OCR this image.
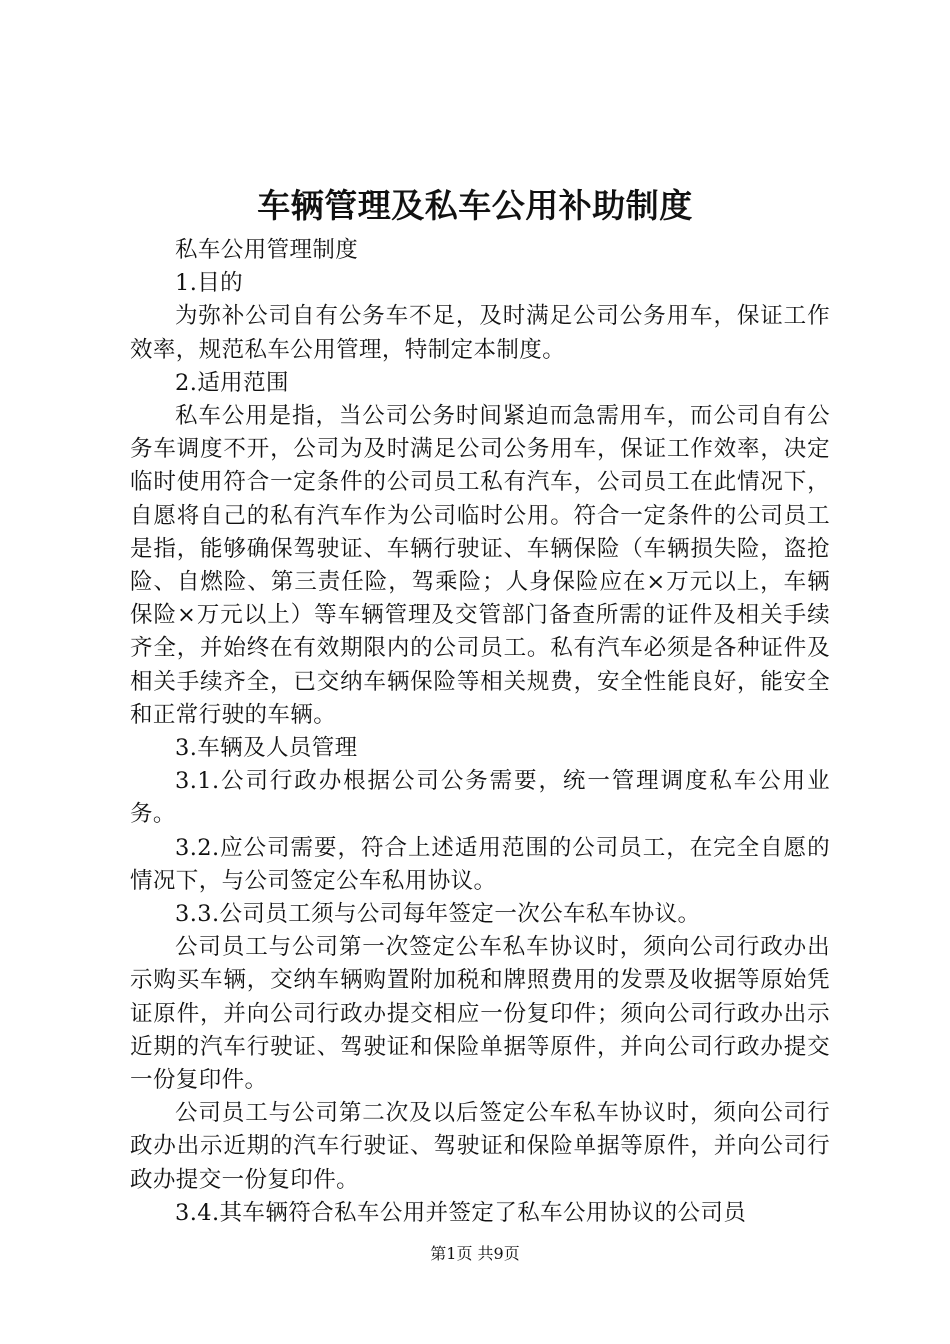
车辆管理及私车公用补助制度

私车公用管理制度

1.目的

为弥补公司自有公务车不足，及时满足公司公务用车，保证工作效率，规范私车公用管理，特制定本制度。

2.适用范围

私车公用是指，当公司公务时间紧迫而急需用车，而公司自有公务车调度不开，公司为及时满足公司公务用车，保证工作效率，决定临时使用符合一定条件的公司员工私有汽车，公司员工在此情况下，自愿将自己的私有汽车作为公司临时公用。符合一定条件的公司员工是指，能够确保驾驶证、车辆行驶证、车辆保险（车辆损失险，盗抢险、自燃险、第三责任险，驾乘险；人身保险应在×万元以上，车辆保险×万元以上）等车辆管理及交管部门备查所需的证件及相关手续齐全，并始终在有效期限内的公司员工。私有汽车必须是各种证件及相关手续齐全，已交纳车辆保险等相关规费，安全性能良好，能安全和正常行驶的车辆。

3.车辆及人员管理

3.1.公司行政办根据公司公务需要，统一管理调度私车公用业务。

3.2.应公司需要，符合上述适用范围的公司员工，在完全自愿的情况下，与公司签定公车私用协议。

3.3.公司员工须与公司每年签定一次公车私车协议。

公司员工与公司第一次签定公车私车协议时，须向公司行政办出示购买车辆，交纳车辆购置附加税和牌照费用的发票及收据等原始凭证原件，并向公司行政办提交相应一份复印件；须向公司行政办出示近期的汽车行驶证、驾驶证和保险单据等原件，并向公司行政办提交一份复印件。

公司员工与公司第二次及以后签定公车私车协议时，须向公司行政办出示近期的汽车行驶证、驾驶证和保险单据等原件，并向公司行政办提交一份复印件。

3.4.其车辆符合私车公用并签定了私车公用协议的公司员

第1页 共9页
